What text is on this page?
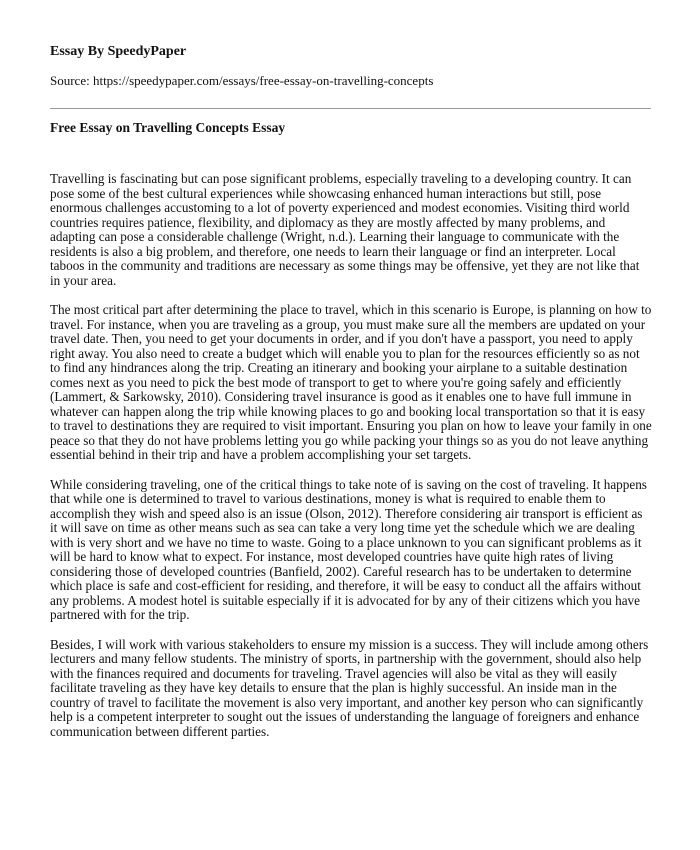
Essay By SpeedyPaper
Source: https://speedypaper.com/essays/free-essay-on-travelling-concepts
Free Essay on Travelling Concepts Essay

Travelling is fascinating but can pose significant problems, especially traveling to a developing country. It can pose some of the best cultural experiences while showcasing enhanced human interactions but still, pose enormous challenges accustoming to a lot of poverty experienced and modest economies. Visiting third world countries requires patience, flexibility, and diplomacy as they are mostly affected by many problems, and adapting can pose a considerable challenge (Wright, n.d.). Learning their language to communicate with the residents is also a big problem, and therefore, one needs to learn their language or find an interpreter. Local taboos in the community and traditions are necessary as some things may be offensive, yet they are not like that in your area.

The most critical part after determining the place to travel, which in this scenario is Europe, is planning on how to travel. For instance, when you are traveling as a group, you must make sure all the members are updated on your travel date. Then, you need to get your documents in order, and if you don't have a passport, you need to apply right away. You also need to create a budget which will enable you to plan for the resources efficiently so as not to find any hindrances along the trip. Creating an itinerary and booking your airplane to a suitable destination comes next as you need to pick the best mode of transport to get to where you're going safely and efficiently (Lammert, & Sarkowsky, 2010). Considering travel insurance is good as it enables one to have full immune in whatever can happen along the trip while knowing places to go and booking local transportation so that it is easy to travel to destinations they are required to visit important. Ensuring you plan on how to leave your family in one peace so that they do not have problems letting you go while packing your things so as you do not leave anything essential behind in their trip and have a problem accomplishing your set targets.

While considering traveling, one of the critical things to take note of is saving on the cost of traveling. It happens that while one is determined to travel to various destinations, money is what is required to enable them to accomplish they wish and speed also is an issue (Olson, 2012). Therefore considering air transport is efficient as it will save on time as other means such as sea can take a very long time yet the schedule which we are dealing with is very short and we have no time to waste. Going to a place unknown to you can significant problems as it will be hard to know what to expect. For instance, most developed countries have quite high rates of living considering those of developed countries (Banfield, 2002). Careful research has to be undertaken to determine which place is safe and cost-efficient for residing, and therefore, it will be easy to conduct all the affairs without any problems. A modest hotel is suitable especially if it is advocated for by any of their citizens which you have partnered with for the trip.

Besides, I will work with various stakeholders to ensure my mission is a success. They will include among others lecturers and many fellow students. The ministry of sports, in partnership with the government, should also help with the finances required and documents for traveling. Travel agencies will also be vital as they will easily facilitate traveling as they have key details to ensure that the plan is highly successful. An inside man in the country of travel to facilitate the movement is also very important, and another key person who can significantly help is a competent interpreter to sought out the issues of understanding the language of foreigners and enhance communication between different parties.
